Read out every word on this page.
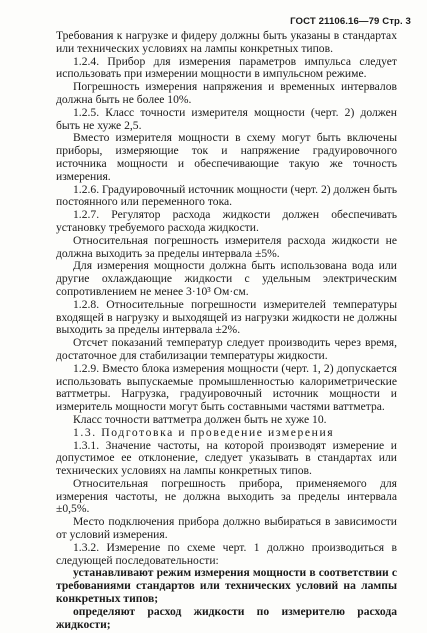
ГОСТ 21106.16—79 Стр. 3

Требования к нагрузке и фидеру должны быть указаны в стандартах или технических условиях на лампы конкретных типов.

1.2.4. Прибор для измерения параметров импульса следует использовать при измерении мощности в импульсном режиме.

Погрешность измерения напряжения и временных интервалов должна быть не более 10%.

1.2.5. Класс точности измерителя мощности (черт. 2) должен быть не хуже 2,5.

Вместо измерителя мощности в схему могут быть включены приборы, измеряющие ток и напряжение градуировочного источника мощности и обеспечивающие такую же точность измерения.

1.2.6. Градуировочный источник мощности (черт. 2) должен быть постоянного или переменного тока.

1.2.7. Регулятор расхода жидкости должен обеспечивать установку требуемого расхода жидкости.

Относительная погрешность измерителя расхода жидкости не должна выходить за пределы интервала ±5%.

Для измерения мощности должна быть использована вода или другие охлаждающие жидкости с удельным электрическим сопротивлением не менее 3·10³ Ом·см.

1.2.8. Относительные погрешности измерителей температуры входящей в нагрузку и выходящей из нагрузки жидкости не должны выходить за пределы интервала ±2%.

Отсчет показаний температур следует производить через время, достаточное для стабилизации температуры жидкости.

1.2.9. Вместо блока измерения мощности (черт. 1, 2) допускается использовать выпускаемые промышленностью калориметрические ваттметры. Нагрузка, градуировочный источник мощности и измеритель мощности могут быть составными частями ваттметра.

Класс точности ваттметра должен быть не хуже 10.

1.3. Подготовка и проведение измерения

1.3.1. Значение частоты, на которой производят измерение и допустимое ее отклонение, следует указывать в стандартах или технических условиях на лампы конкретных типов.

Относительная погрешность прибора, применяемого для измерения частоты, не должна выходить за пределы интервала ±0,5%.

Место подключения прибора должно выбираться в зависимости от условий измерения.

1.3.2. Измерение по схеме черт. 1 должно производиться в следующей последовательности:

устанавливают режим измерения мощности в соответствии с требованиями стандартов или технических условий на лампы конкретных типов;

определяют расход жидкости по измерителю расхода жидкости;
